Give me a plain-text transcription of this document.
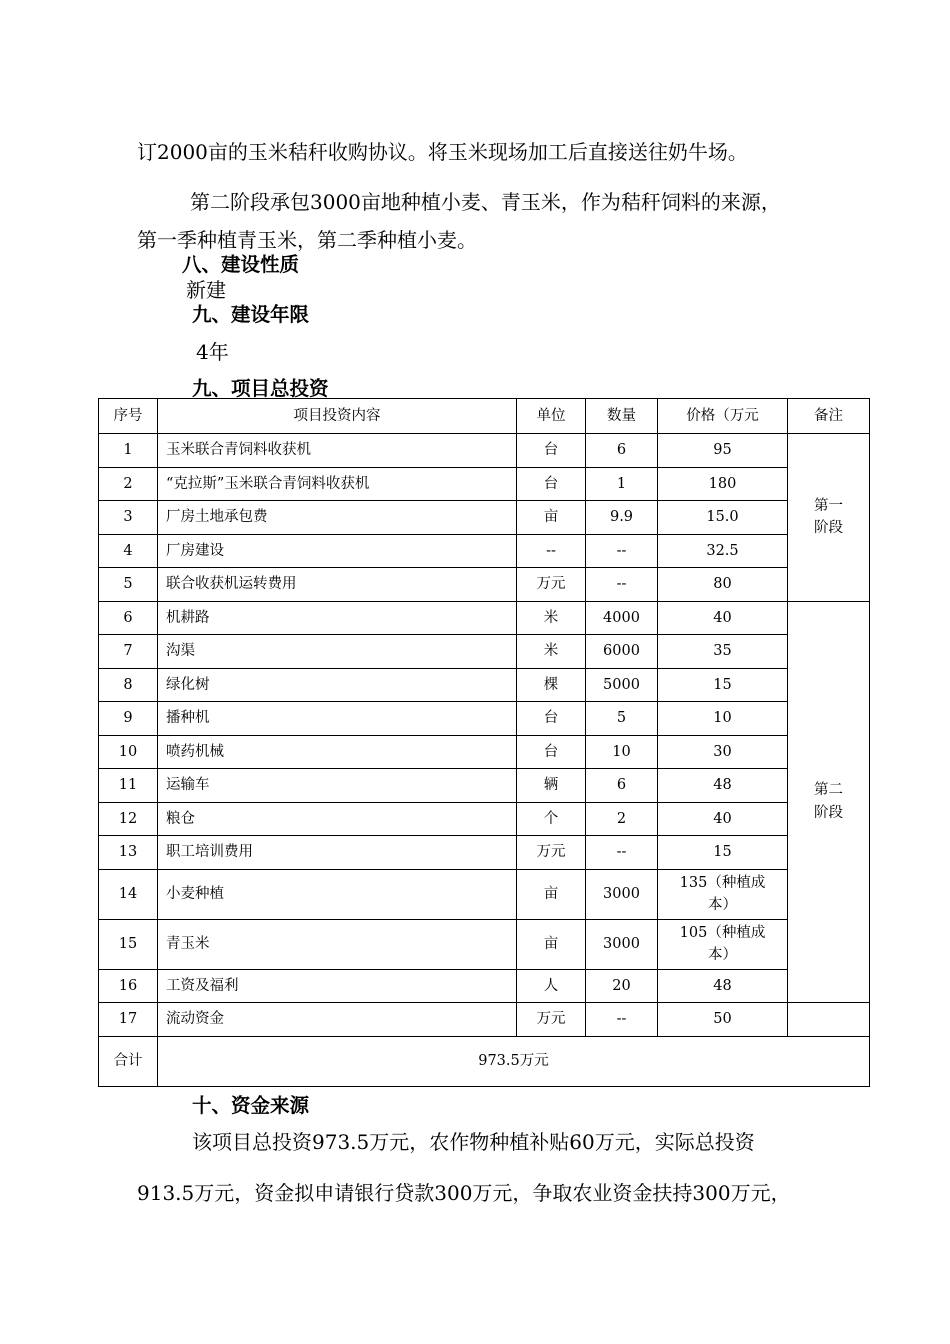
订2000亩的玉米秸秆收购协议。将玉米现场加工后直接送往奶牛场。
第二阶段承包3000亩地种植小麦、青玉米，作为秸秆饲料的来源，
第一季种植青玉米，第二季种植小麦。
八、建设性质
新建
九、建设年限
4年
九、项目总投资
序号	项目投资内容	单位	数量	价格（万元	备注
1	玉米联合青饲料收获机	台	6	95	第一
阶段

2	“克拉斯”玉米联合青饲料收获机	台	1	180	
3	厂房土地承包费	亩	9.9	15.0	
4	厂房建设	--	--	32.5	
5	联合收获机运转费用	万元	--	80	
6	机耕路	米	4000	40	第二
阶段

7	沟渠	米	6000	35	
8	绿化树	棵	5000	15	
9	播种机	台	5	10	
10	喷药机械	台	10	30	
11	运输车	辆	6	48	
12	粮仓	个	2	40	
13	职工培训费用	万元	--	15	
14	小麦种植	亩	3000	135（种植成
本）	

15	青玉米	亩	3000	105（种植成
本）	

16	工资及福利	人	20	48	
17	流动资金	万元	--	50	
合计	973.5万元				
十、资金来源
该项目总投资973.5万元，农作物种植补贴60万元，实际总投资
913.5万元，资金拟申请银行贷款300万元，争取农业资金扶持300万元，
